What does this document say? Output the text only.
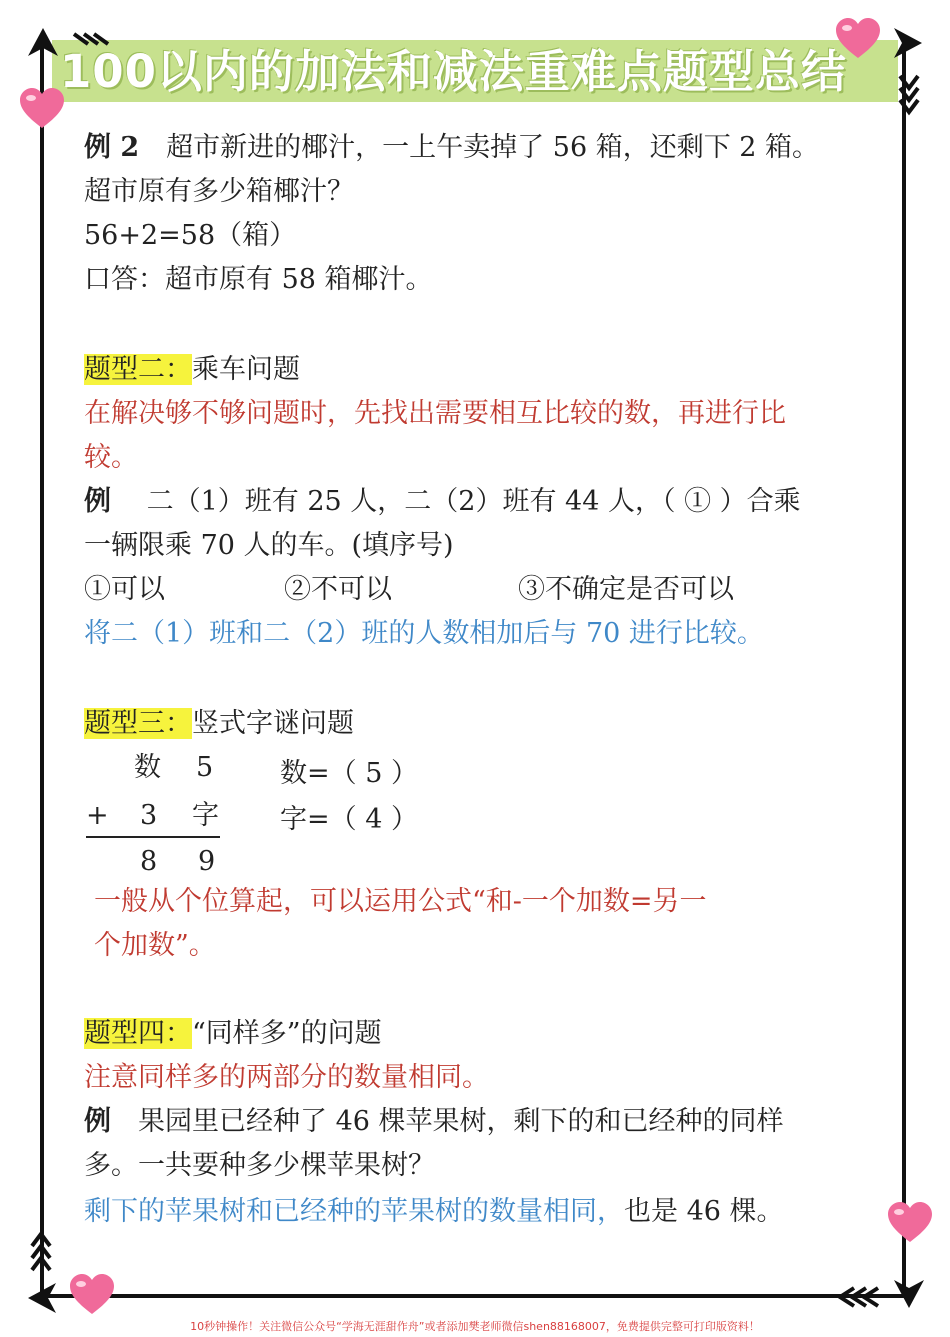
100以内的加法和减法重难点题型总结
例 2　超市新进的椰汁，一上午卖掉了 56 箱，还剩下 2 箱。
超市原有多少箱椰汁？
56+2=58（箱）
口答：超市原有 58 箱椰汁。
题型二：乘车问题
在解决够不够问题时，先找出需要相互比较的数，再进行比
较。
例　 二（1）班有 25 人，二（2）班有 44 人，（ ① ）合乘
一辆限乘 70 人的车。(填序号)
①可以	②不可以	③不确定是否可以
将二（1）班和二（2）班的人数相加后与 70 进行比较。
题型三：竖式字谜问题
数 5
+ 3 字
8 9
数=（ 5 ）
字=（ 4 ）
一般从个位算起，可以运用公式“和-一个加数=另一
个加数”。
题型四：“同样多”的问题
注意同样多的两部分的数量相同。
例　果园里已经种了 46 棵苹果树，剩下的和已经种的同样
多。一共要种多少棵苹果树？
剩下的苹果树和已经种的苹果树的数量相同，也是 46 棵。
10秒钟操作！关注微信公众号“学海无涯甜作舟”或者添加樊老师微信shen88168007，免费提供完整可打印版资料！
